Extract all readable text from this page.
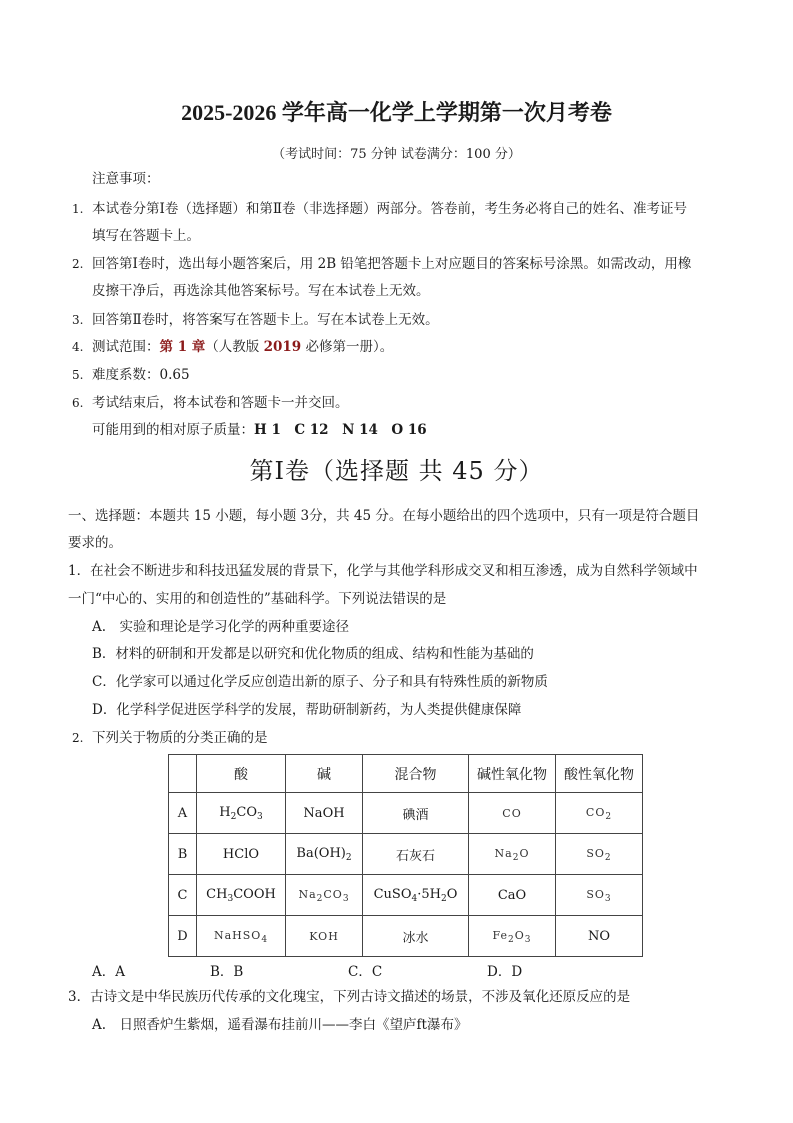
2025-2026 学年高一化学上学期第一次月考卷
（考试时间：75 分钟 试卷满分：100 分）
注意事项：
1. 本试卷分第Ⅰ卷（选择题）和第Ⅱ卷（非选择题）两部分。答卷前，考生务必将自己的姓名、准考证号
填写在答题卡上。
2. 回答第Ⅰ卷时，选出每小题答案后，用 2B 铅笔把答题卡上对应题目的答案标号涂黑。如需改动，用橡
皮擦干净后，再选涂其他答案标号。写在本试卷上无效。
3. 回答第Ⅱ卷时，将答案写在答题卡上。写在本试卷上无效。
4. 测试范围：第 1 章（人教版 2019 必修第一册）。
5. 难度系数：0.65
6. 考试结束后，将本试卷和答题卡一并交回。
可能用到的相对原子质量：H 1　C 12　N 14　O 16
第Ⅰ卷（选择题 共 45 分）
一、选择题：本题共 15 小题，每小题 3分，共 45 分。在每小题给出的四个选项中，只有一项是符合题目
要求的。
1．在社会不断进步和科技迅猛发展的背景下，化学与其他学科形成交叉和相互渗透，成为自然科学领域中
一门“中心的、实用的和创造性的”基础科学。下列说法错误的是
A.　实验和理论是学习化学的两种重要途径
B．材料的研制和开发都是以研究和优化物质的组成、结构和性能为基础的
C．化学家可以通过化学反应创造出新的原子、分子和具有特殊性质的新物质
D．化学科学促进医学科学的发展，帮助研制新药，为人类提供健康保障
2. 下列关于物质的分类正确的是
	酸	碱	混合物	碱性氧化物	酸性氧化物
A	$H_2CO_3$	NaOH	碘酒	CO	$CO_2$
B	HClO	$Ba(OH)_2$	石灰石	$Na_2O$	$SO_2$
C	$CH_3COOH$	$Na_2CO_3$	$CuSO_4\cdot 5H_2O$	CaO	$SO_3$
D	NaHSO$_4$	KOH	冰水	$Fe_2O_3$	NO
A．A	B．B	C．C	D．D
3．古诗文是中华民族历代传承的文化瑰宝，下列古诗文描述的场景，不涉及氧化还原反应的是
A.　日照香炉生紫烟，遥看瀑布挂前川——李白《望庐ft瀑布》
